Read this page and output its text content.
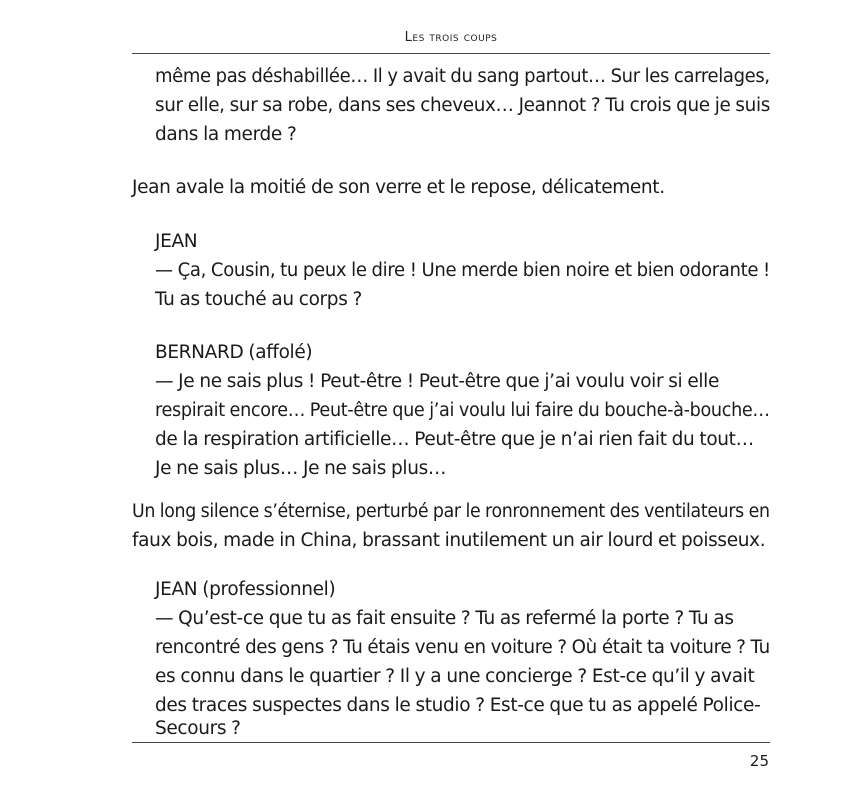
Les trois coups
même pas déshabillée… Il y avait du sang partout… Sur les carrelages,
sur elle, sur sa robe, dans ses cheveux… Jeannot ? Tu crois que je suis
dans la merde ?
Jean avale la moitié de son verre et le repose, délicatement.
JEAN
— Ça, Cousin, tu peux le dire ! Une merde bien noire et bien odorante !
Tu as touché au corps ?
BERNARD (affolé)
— Je ne sais plus ! Peut-être ! Peut-être que j’ai voulu voir si elle
respirait encore… Peut-être que j’ai voulu lui faire du bouche-à-bouche…
de la respiration artificielle… Peut-être que je n’ai rien fait du tout…
Je ne sais plus… Je ne sais plus…
Un long silence s’éternise, perturbé par le ronronnement des ventilateurs en
faux bois, made in China, brassant inutilement un air lourd et poisseux.
JEAN (professionnel)
— Qu’est-ce que tu as fait ensuite ? Tu as refermé la porte ? Tu as
rencontré des gens ? Tu étais venu en voiture ? Où était ta voiture ? Tu
es connu dans le quartier ? Il y a une concierge ? Est-ce qu’il y avait
des traces suspectes dans le studio ? Est-ce que tu as appelé Police-
Secours ?
25
